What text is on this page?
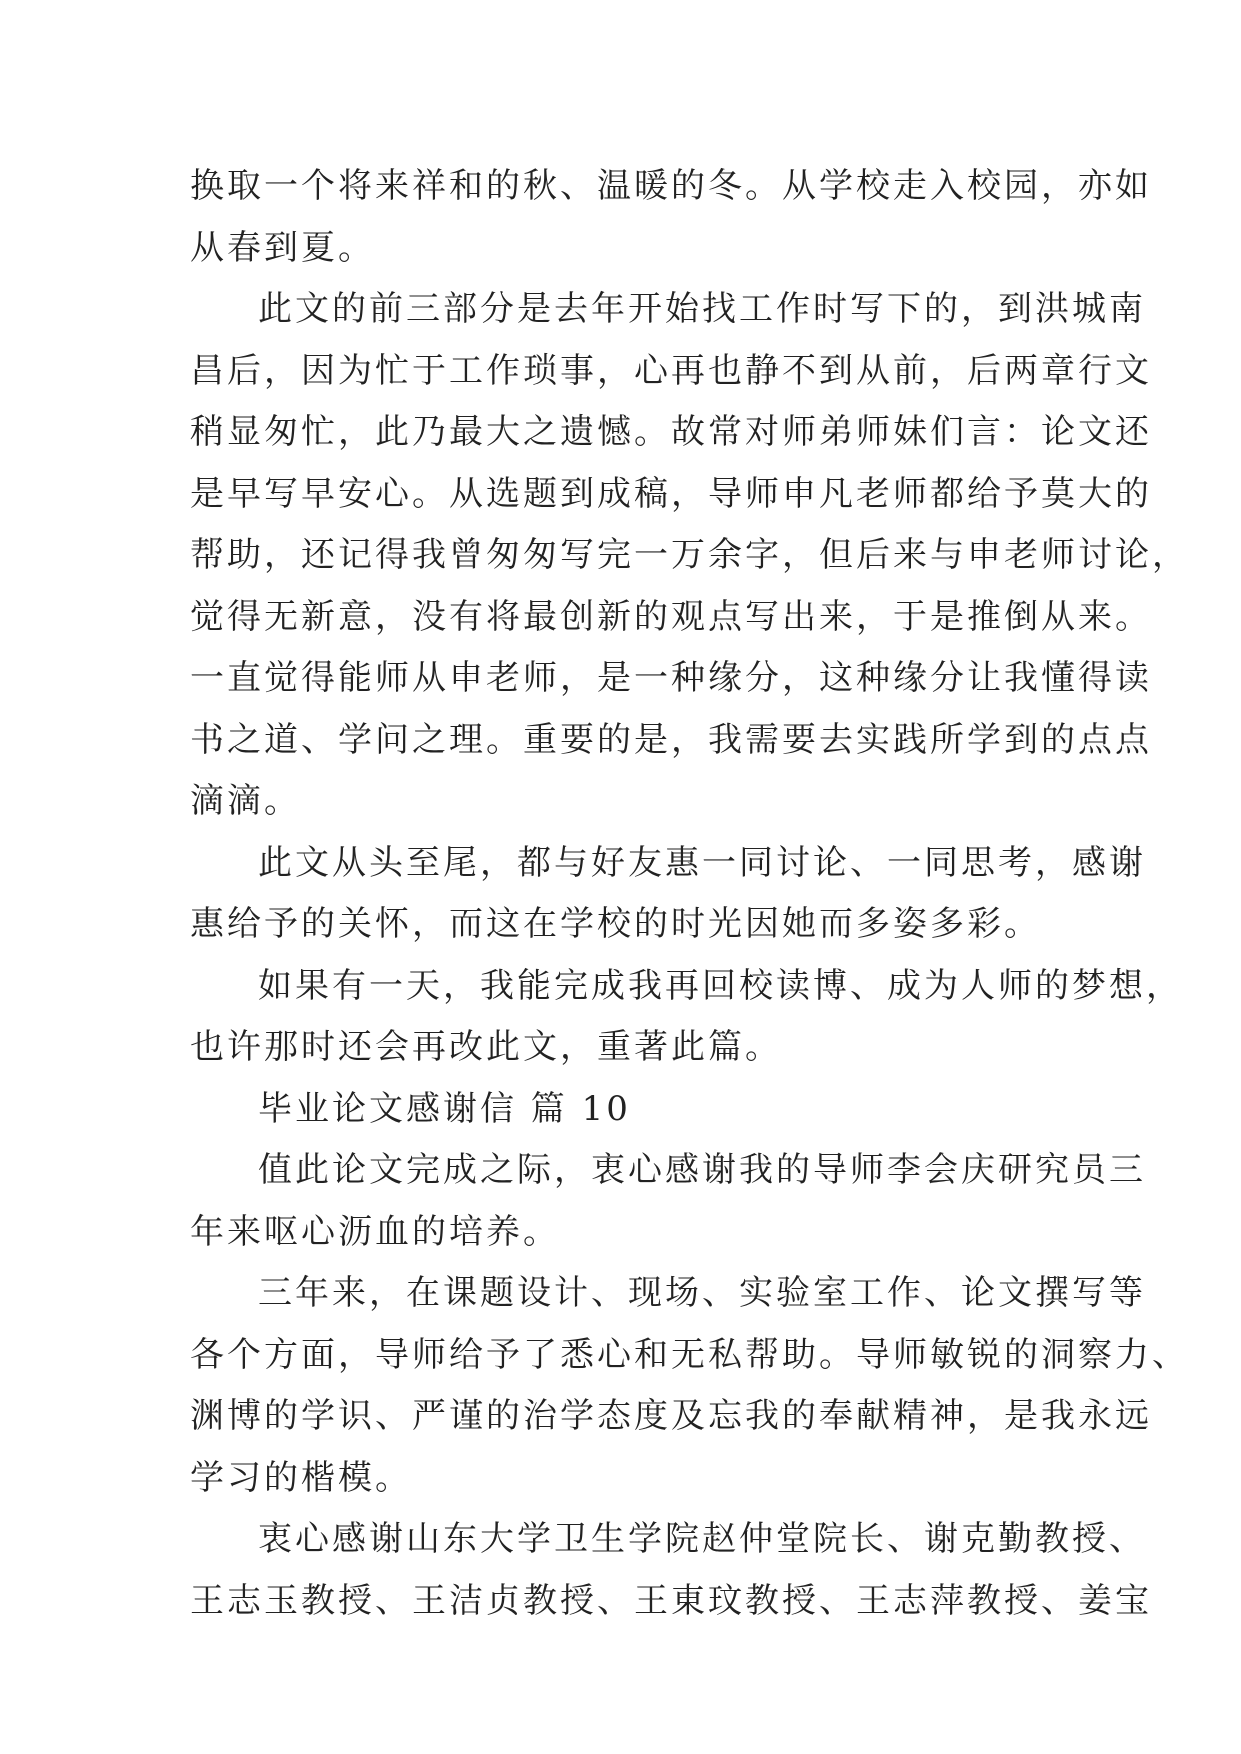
换取一个将来祥和的秋、温暖的冬。从学校走入校园，亦如
从春到夏。
此文的前三部分是去年开始找工作时写下的，到洪城南
昌后，因为忙于工作琐事，心再也静不到从前，后两章行文
稍显匆忙，此乃最大之遗憾。故常对师弟师妹们言：论文还
是早写早安心。从选题到成稿，导师申凡老师都给予莫大的
帮助，还记得我曾匆匆写完一万余字，但后来与申老师讨论，
觉得无新意，没有将最创新的观点写出来，于是推倒从来。
一直觉得能师从申老师，是一种缘分，这种缘分让我懂得读
书之道、学问之理。重要的是，我需要去实践所学到的点点
滴滴。
此文从头至尾，都与好友惠一同讨论、一同思考，感谢
惠给予的关怀，而这在学校的时光因她而多姿多彩。
如果有一天，我能完成我再回校读博、成为人师的梦想，
也许那时还会再改此文，重著此篇。
毕业论文感谢信 篇 10
值此论文完成之际，衷心感谢我的导师李会庆研究员三
年来呕心沥血的培养。
三年来，在课题设计、现场、实验室工作、论文撰写等
各个方面，导师给予了悉心和无私帮助。导师敏锐的洞察力、
渊博的学识、严谨的治学态度及忘我的奉献精神，是我永远
学习的楷模。
衷心感谢山东大学卫生学院赵仲堂院长、谢克勤教授、
王志玉教授、王洁贞教授、王東玟教授、王志萍教授、姜宝
